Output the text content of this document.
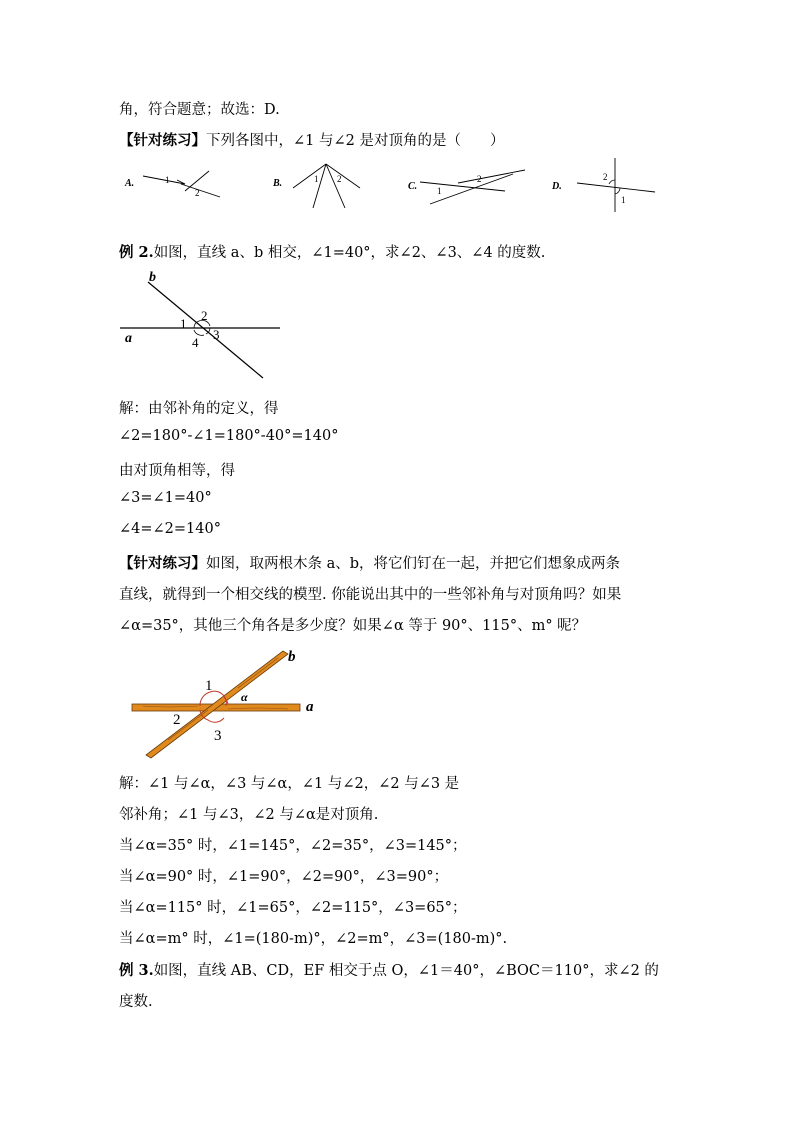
角，符合题意；故选：D.
【针对练习】下列各图中，∠1 与∠2 是对顶角的是（　　）
A.	1
2
B.	1 2
C. 1
2
D.
2
1
例 2.如图，直线 a、b 相交，∠1=40°，求∠2、∠3、∠4 的度数.
b
a
1
2
3
4
解：由邻补角的定义，得
∠2=180°-∠1=180°-40°=140°
由对顶角相等，得
∠3=∠1=40°
∠4=∠2=140°
【针对练习】如图，取两根木条 a、b，将它们钉在一起，并把它们想象成两条
直线，就得到一个相交线的模型. 你能说出其中的一些邻补角与对顶角吗？如果
∠α=35°，其他三个角各是多少度？如果∠α 等于 90°、115°、m° 呢？
a
b
1
2
3
α
解：∠1 与∠α，∠3 与∠α，∠1 与∠2，∠2 与∠3 是
邻补角；∠1 与∠3，∠2 与∠α是对顶角.
当∠α=35° 时，∠1=145°，∠2=35°，∠3=145°；
当∠α=90° 时，∠1=90°，∠2=90°，∠3=90°；
当∠α=115° 时，∠1=65°，∠2=115°，∠3=65°；
当∠α=m° 时，∠1=(180-m)°，∠2=m°，∠3=(180-m)°.
例 3.如图，直线 AB、CD，EF 相交于点 O，∠1＝40°，∠BOC＝110°，求∠2 的
度数.
